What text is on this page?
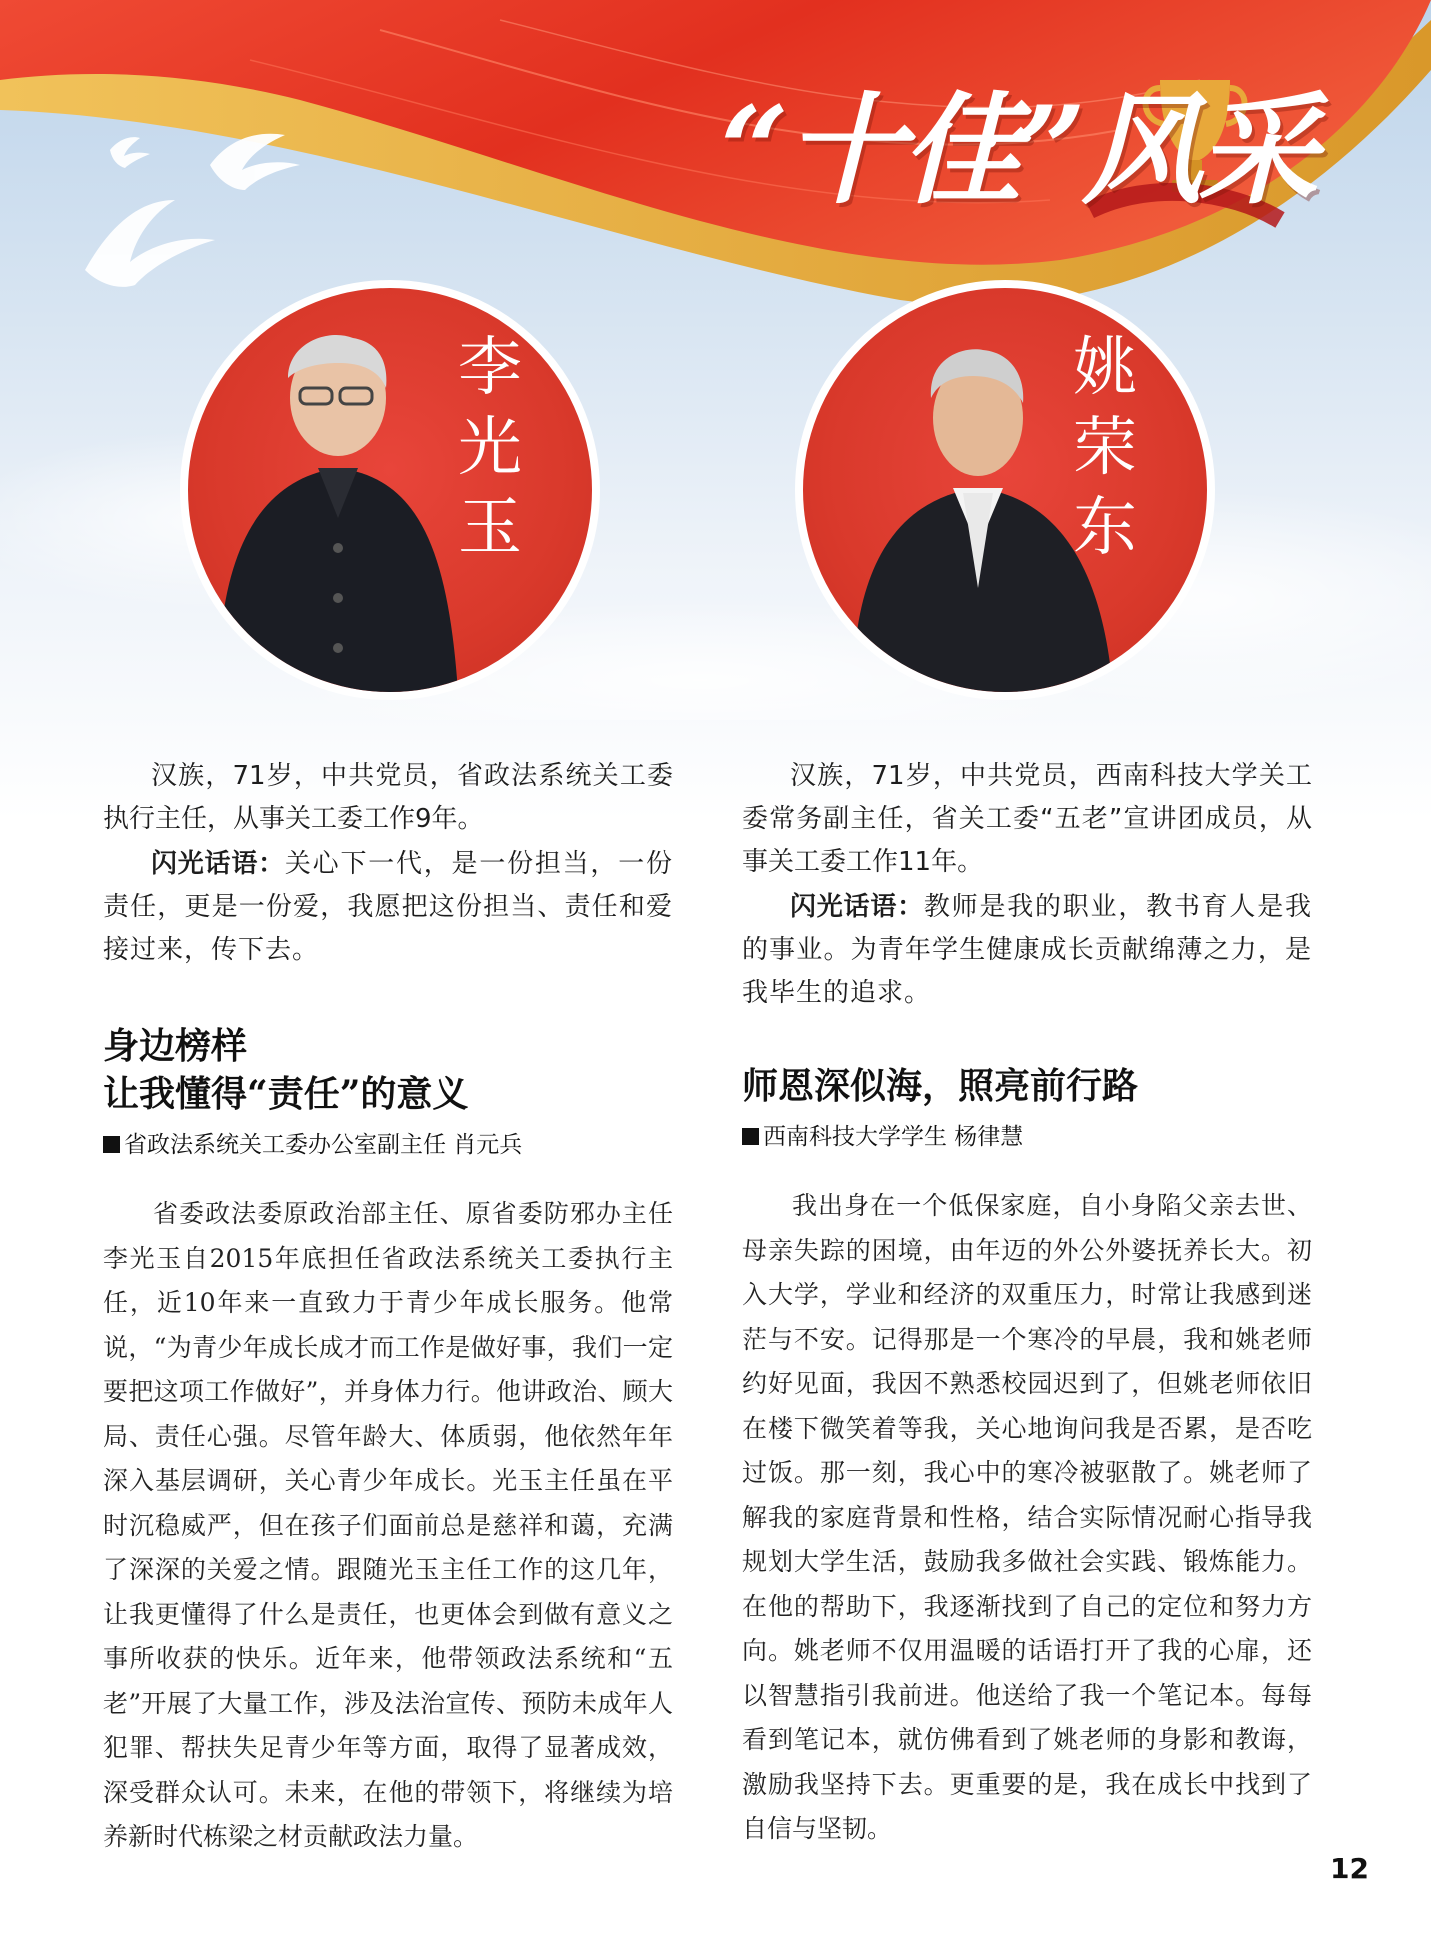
“十佳”风采
李
光
玉
姚
荣
东

汉族，71岁，中共党员，省政法系统关工委执行主任，从事关工委工作9年。

闪光话语：关心下一代，是一份担当，一份责任，更是一份爱，我愿把这份担当、责任和爱接过来，传下去。

身边榜样
让我懂得“责任”的意义

省政法系统关工委办公室副主任 肖元兵

省委政法委原政治部主任、原省委防邪办主任李光玉自2015年底担任省政法系统关工委执行主任，近10年来一直致力于青少年成长服务。他常说，“为青少年成长成才而工作是做好事，我们一定要把这项工作做好”，并身体力行。他讲政治、顾大局、责任心强。尽管年龄大、体质弱，他依然年年深入基层调研，关心青少年成长。光玉主任虽在平时沉稳威严，但在孩子们面前总是慈祥和蔼，充满了深深的关爱之情。跟随光玉主任工作的这几年，让我更懂得了什么是责任，也更体会到做有意义之事所收获的快乐。近年来，他带领政法系统和“五老”开展了大量工作，涉及法治宣传、预防未成年人犯罪、帮扶失足青少年等方面，取得了显著成效，深受群众认可。未来，在他的带领下，将继续为培养新时代栋梁之材贡献政法力量。

汉族，71岁，中共党员，西南科技大学关工委常务副主任，省关工委“五老”宣讲团成员，从事关工委工作11年。

闪光话语：教师是我的职业，教书育人是我的事业。为青年学生健康成长贡献绵薄之力，是我毕生的追求。

师恩深似海，照亮前行路

西南科技大学学生 杨律慧

我出身在一个低保家庭，自小身陷父亲去世、母亲失踪的困境，由年迈的外公外婆抚养长大。初入大学，学业和经济的双重压力，时常让我感到迷茫与不安。记得那是一个寒冷的早晨，我和姚老师约好见面，我因不熟悉校园迟到了，但姚老师依旧在楼下微笑着等我，关心地询问我是否累，是否吃过饭。那一刻，我心中的寒冷被驱散了。姚老师了解我的家庭背景和性格，结合实际情况耐心指导我规划大学生活，鼓励我多做社会实践、锻炼能力。在他的帮助下，我逐渐找到了自己的定位和努力方向。姚老师不仅用温暖的话语打开了我的心扉，还以智慧指引我前进。他送给了我一个笔记本。每每看到笔记本，就仿佛看到了姚老师的身影和教诲，激励我坚持下去。更重要的是，我在成长中找到了自信与坚韧。

12
